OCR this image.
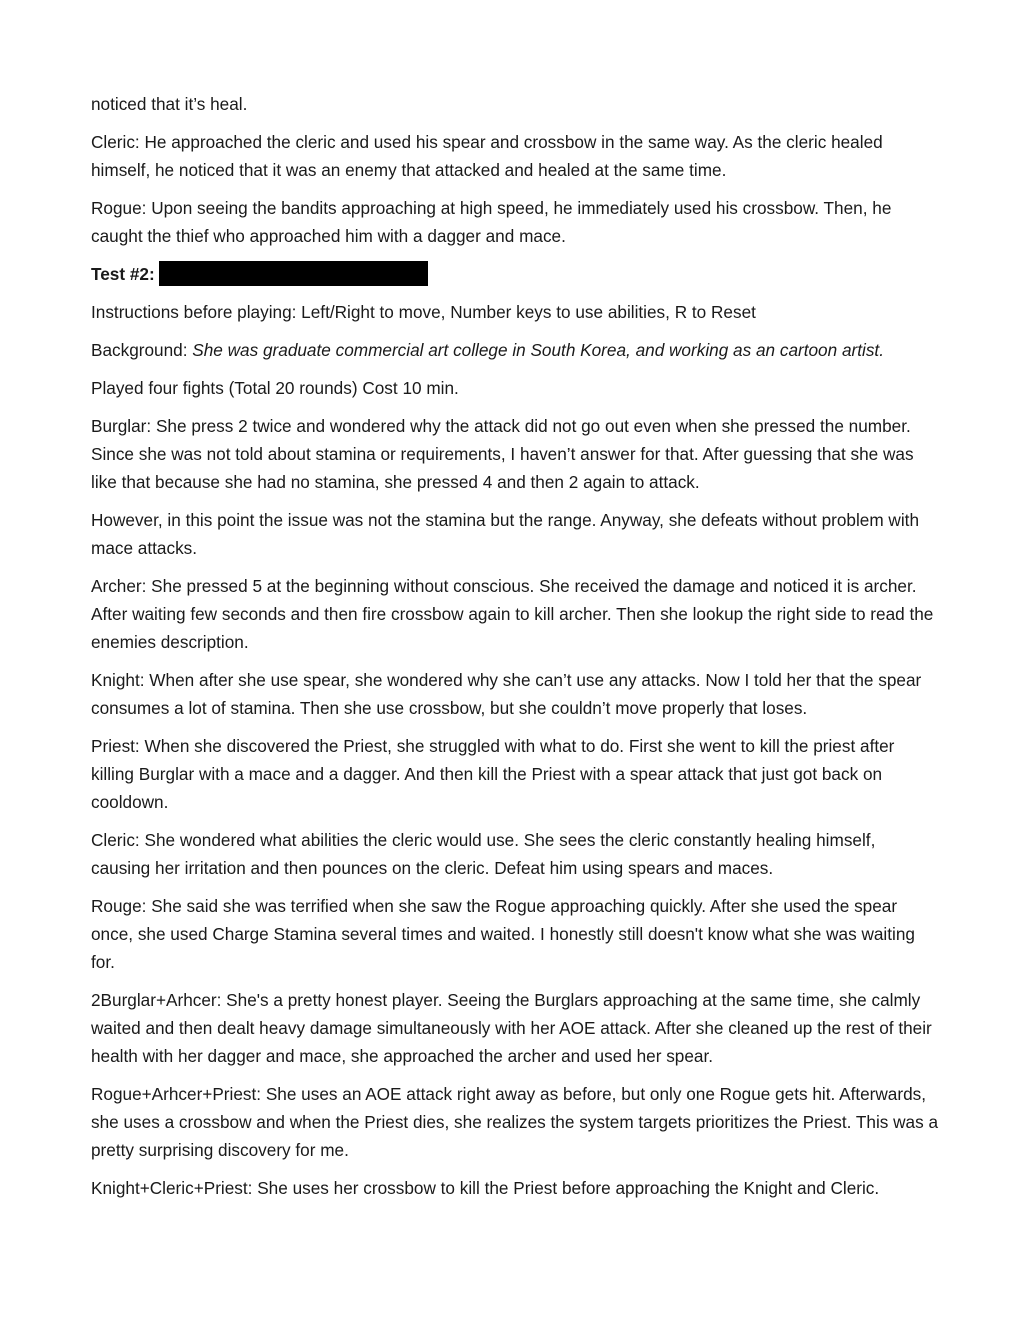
noticed that it’s heal.

Cleric: He approached the cleric and used his spear and crossbow in the same way. As the cleric healed himself, he noticed that it was an enemy that attacked and healed at the same time.

Rogue: Upon seeing the bandits approaching at high speed, he immediately used his crossbow. Then, he caught the thief who approached him with a dagger and mace.

Test #2:

Instructions before playing: Left/Right to move, Number keys to use abilities, R to Reset

Background: She was graduate commercial art college in South Korea, and working as an cartoon artist.

Played four fights (Total 20 rounds) Cost 10 min.

Burglar: She press 2 twice and wondered why the attack did not go out even when she pressed the number. Since she was not told about stamina or requirements, I haven’t answer for that. After guessing that she was like that because she had no stamina, she pressed 4 and then 2 again to attack.

However, in this point the issue was not the stamina but the range. Anyway, she defeats without problem with mace attacks.

Archer: She pressed 5 at the beginning without conscious. She received the damage and noticed it is archer. After waiting few seconds and then fire crossbow again to kill archer. Then she lookup the right side to read the enemies description.

Knight: When after she use spear, she wondered why she can’t use any attacks. Now I told her that the spear consumes a lot of stamina. Then she use crossbow, but she couldn’t move properly that loses.

Priest: When she discovered the Priest, she struggled with what to do. First she went to kill the priest after killing Burglar with a mace and a dagger. And then kill the Priest with a spear attack that just got back on cooldown.

Cleric: She wondered what abilities the cleric would use. She sees the cleric constantly healing himself, causing her irritation and then pounces on the cleric. Defeat him using spears and maces.

Rouge: She said she was terrified when she saw the Rogue approaching quickly. After she used the spear once, she used Charge Stamina several times and waited. I honestly still doesn't know what she was waiting for.

2Burglar+Arhcer: She's a pretty honest player. Seeing the Burglars approaching at the same time, she calmly waited and then dealt heavy damage simultaneously with her AOE attack. After she cleaned up the rest of their health with her dagger and mace, she approached the archer and used her spear.

Rogue+Arhcer+Priest: She uses an AOE attack right away as before, but only one Rogue gets hit. Afterwards, she uses a crossbow and when the Priest dies, she realizes the system targets prioritizes the Priest. This was a pretty surprising discovery for me.

Knight+Cleric+Priest: She uses her crossbow to kill the Priest before approaching the Knight and Cleric.
